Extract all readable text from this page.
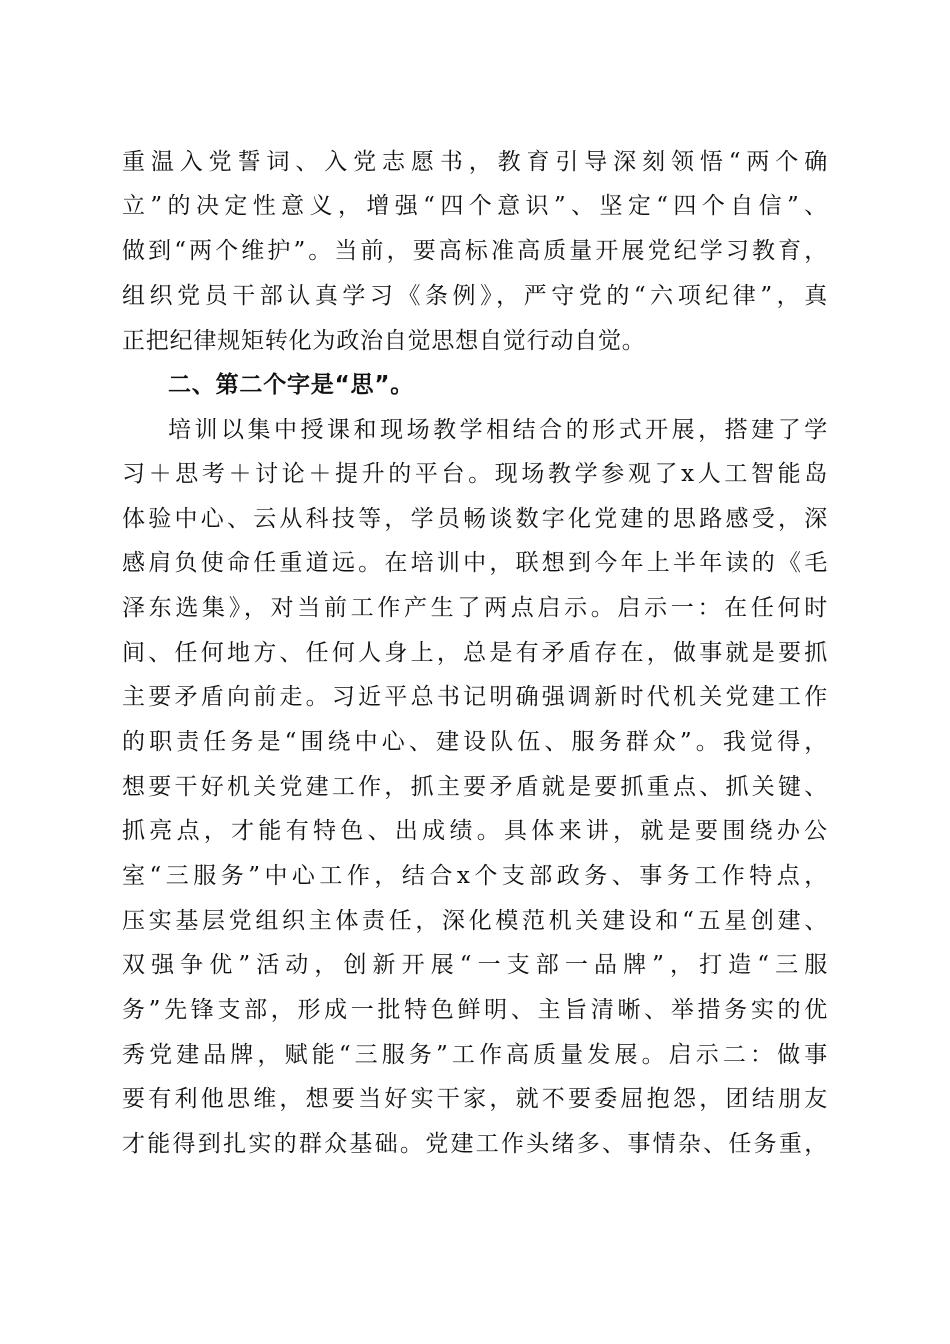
重温入党誓词、入党志愿书，教育引导深刻领悟“两个确
立”的决定性意义，增强“四个意识”、坚定“四个自信”、
做到“两个维护”。当前，要高标准高质量开展党纪学习教育，
组织党员干部认真学习《条例》，严守党的“六项纪律”，真
正把纪律规矩转化为政治自觉思想自觉行动自觉。
二、第二个字是“思”。
培训以集中授课和现场教学相结合的形式开展，搭建了学
习＋思考＋讨论＋提升的平台。现场教学参观了x人工智能岛
体验中心、云从科技等，学员畅谈数字化党建的思路感受，深
感肩负使命任重道远。在培训中，联想到今年上半年读的《毛
泽东选集》，对当前工作产生了两点启示。启示一：在任何时
间、任何地方、任何人身上，总是有矛盾存在，做事就是要抓
主要矛盾向前走。习近平总书记明确强调新时代机关党建工作
的职责任务是“围绕中心、建设队伍、服务群众”。我觉得，
想要干好机关党建工作，抓主要矛盾就是要抓重点、抓关键、
抓亮点，才能有特色、出成绩。具体来讲，就是要围绕办公
室“三服务”中心工作，结合x个支部政务、事务工作特点，
压实基层党组织主体责任，深化模范机关建设和“五星创建、
双强争优”活动，创新开展“一支部一品牌”，打造“三服
务”先锋支部，形成一批特色鲜明、主旨清晰、举措务实的优
秀党建品牌，赋能“三服务”工作高质量发展。启示二：做事
要有利他思维，想要当好实干家，就不要委屈抱怨，团结朋友
才能得到扎实的群众基础。党建工作头绪多、事情杂、任务重，
